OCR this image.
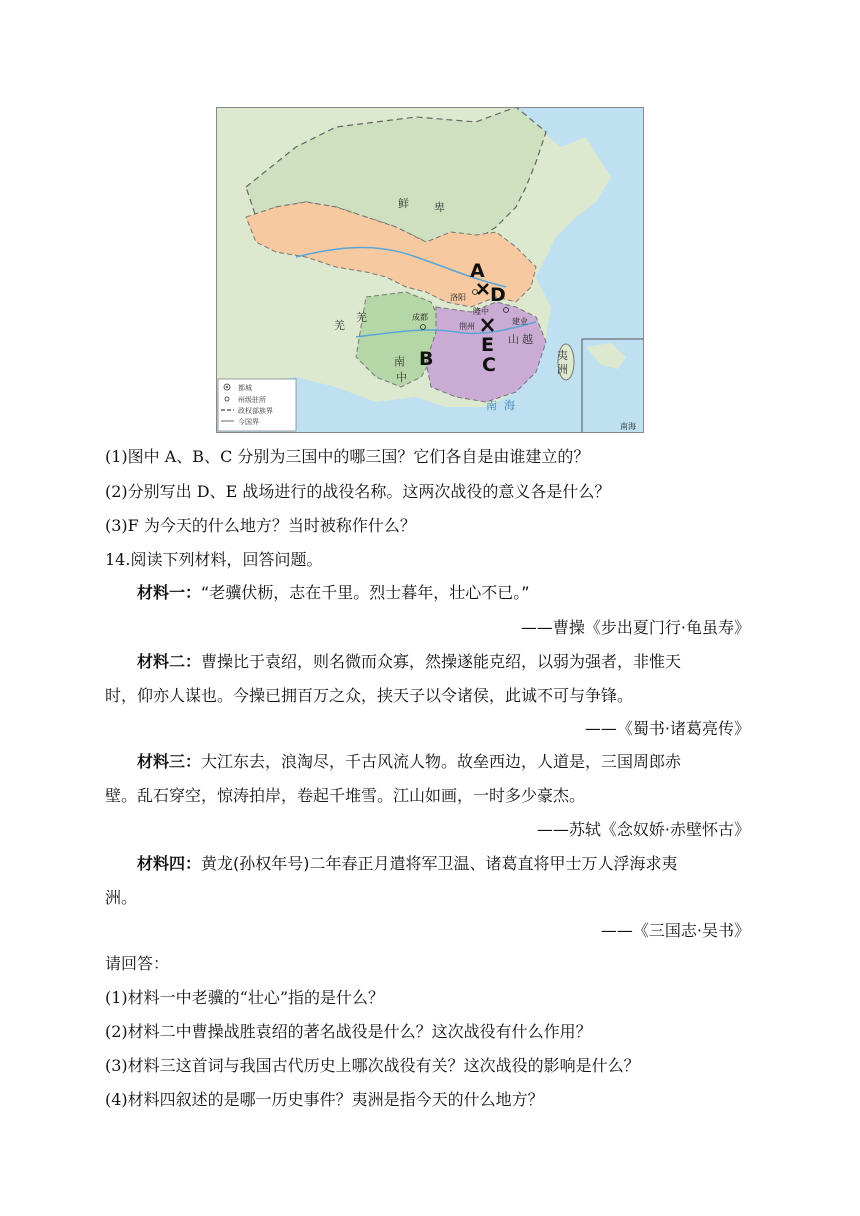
都城
州级驻所
政权部族界
今国界
鲜 卑
羌
羌
南
中
山 越
夷
洲
南 海
洛阳
成都	建业
隆中
荆州
南海
A
D
B
E
C
(1)图中 A、B、C 分别为三国中的哪三国？它们各自是由谁建立的？
(2)分别写出 D、E 战场进行的战役名称。这两次战役的意义各是什么？
(3)F 为今天的什么地方？当时被称作什么？
14.阅读下列材料，回答问题。
材料一：“老骥伏枥，志在千里。烈士暮年，壮心不已。”
——曹操《步出夏门行·龟虽寿》
材料二：曹操比于袁绍，则名微而众寡，然操遂能克绍，以弱为强者，非惟天
时，仰亦人谋也。今操已拥百万之众，挟天子以令诸侯，此诚不可与争锋。
——《蜀书·诸葛亮传》
材料三：大江东去，浪淘尽，千古风流人物。故垒西边，人道是，三国周郎赤
壁。乱石穿空，惊涛拍岸，卷起千堆雪。江山如画，一时多少豪杰。
——苏轼《念奴娇·赤壁怀古》
材料四：黄龙(孙权年号)二年春正月遣将军卫温、诸葛直将甲士万人浮海求夷
洲。
——《三国志·吴书》
请回答：
(1)材料一中老骥的“壮心”指的是什么？
(2)材料二中曹操战胜袁绍的著名战役是什么？这次战役有什么作用？
(3)材料三这首词与我国古代历史上哪次战役有关？这次战役的影响是什么？
(4)材料四叙述的是哪一历史事件？夷洲是指今天的什么地方？
